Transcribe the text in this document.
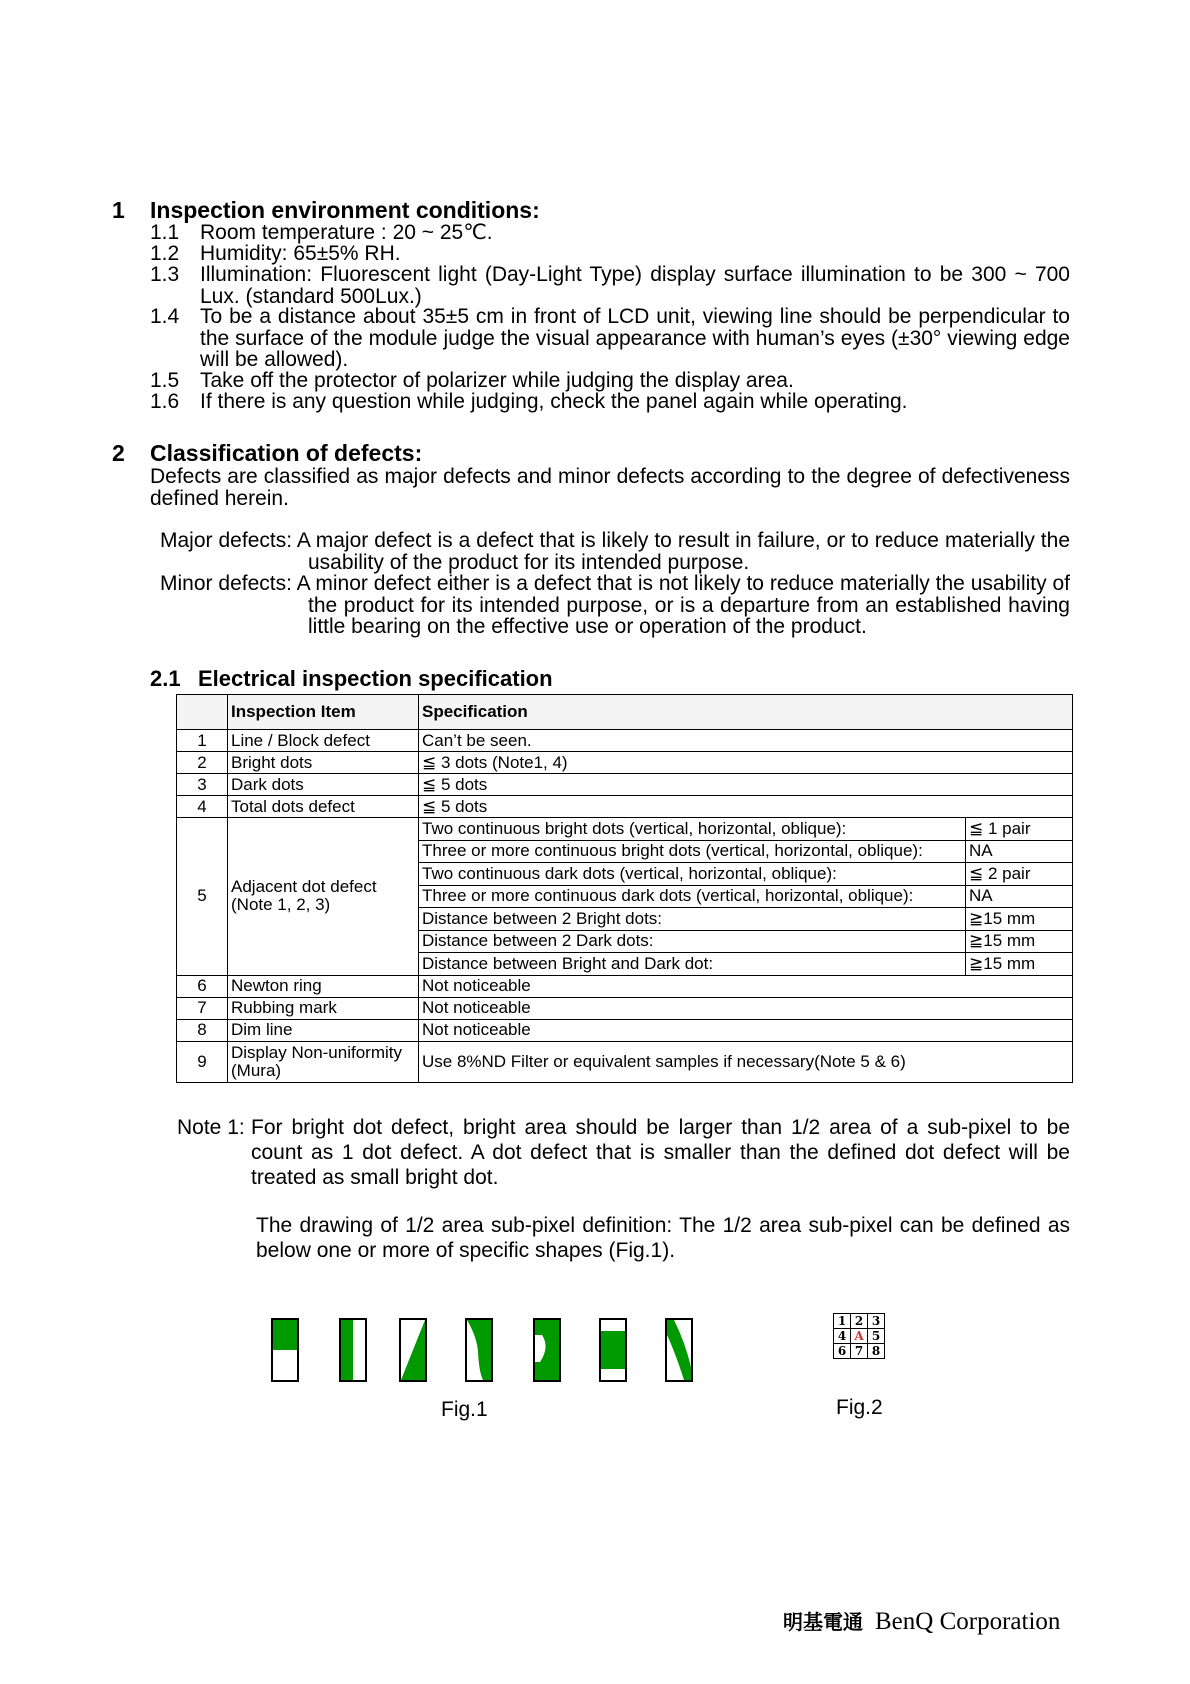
1 Inspection environment conditions:
1.1 Room temperature : 20 ~ 25℃.
1.2 Humidity: 65±5% RH.
1.3 Illumination: Fluorescent light (Day-Light Type) display surface illumination to be 300 ~ 700 Lux. (standard 500Lux.)
1.4 To be a distance about 35±5 cm in front of LCD unit, viewing line should be perpendicular to the surface of the module judge the visual appearance with human’s eyes (±30° viewing edge will be allowed).
1.5 Take off the protector of polarizer while judging the display area.
1.6 If there is any question while judging, check the panel again while operating.
2 Classification of defects:
Defects are classified as major defects and minor defects according to the degree of defectiveness defined herein.
Major defects: A major defect is a defect that is likely to result in failure, or to reduce materially the usability of the product for its intended purpose.
Minor defects: A minor defect either is a defect that is not likely to reduce materially the usability of the product for its intended purpose, or is a departure from an established having little bearing on the effective use or operation of the product.
2.1 Electrical inspection specification
	Inspection Item	Specification
1	Line / Block defect	Can’t be seen.
2	Bright dots	≦ 3 dots (Note1, 4)
3	Dark dots	≦ 5 dots
4	Total dots defect	≦ 5 dots
5	Adjacent dot defect (Note 1, 2, 3)	
Two continuous bright dots (vertical, horizontal, oblique):	≦ 1 pair
Three or more continuous bright dots (vertical, horizontal, oblique):	NA
Two continuous dark dots (vertical, horizontal, oblique):	≦ 2 pair
Three or more continuous dark dots (vertical, horizontal, oblique):	NA
Distance between 2 Bright dots:	≧15 mm
Distance between 2 Dark dots:	≧15 mm
Distance between Bright and Dark dot:	≧15 mm

6	Newton ring	Not noticeable
7	Rubbing mark	Not noticeable
8	Dim line	Not noticeable
9	Display Non-uniformity (Mura)	Use 8%ND Filter or equivalent samples if necessary(Note 5 & 6)
Note 1: For bright dot defect, bright area should be larger than 1/2 area of a sub-pixel to be count as 1 dot defect. A dot defect that is smaller than the defined dot defect will be treated as small bright dot.
The drawing of 1/2 area sub-pixel definition: The 1/2 area sub-pixel can be defined as below one or more of specific shapes (Fig.1).
Fig.1
1	2	3
4	A	5
6	7	8
Fig.2
明基電通 BenQ Corporation
